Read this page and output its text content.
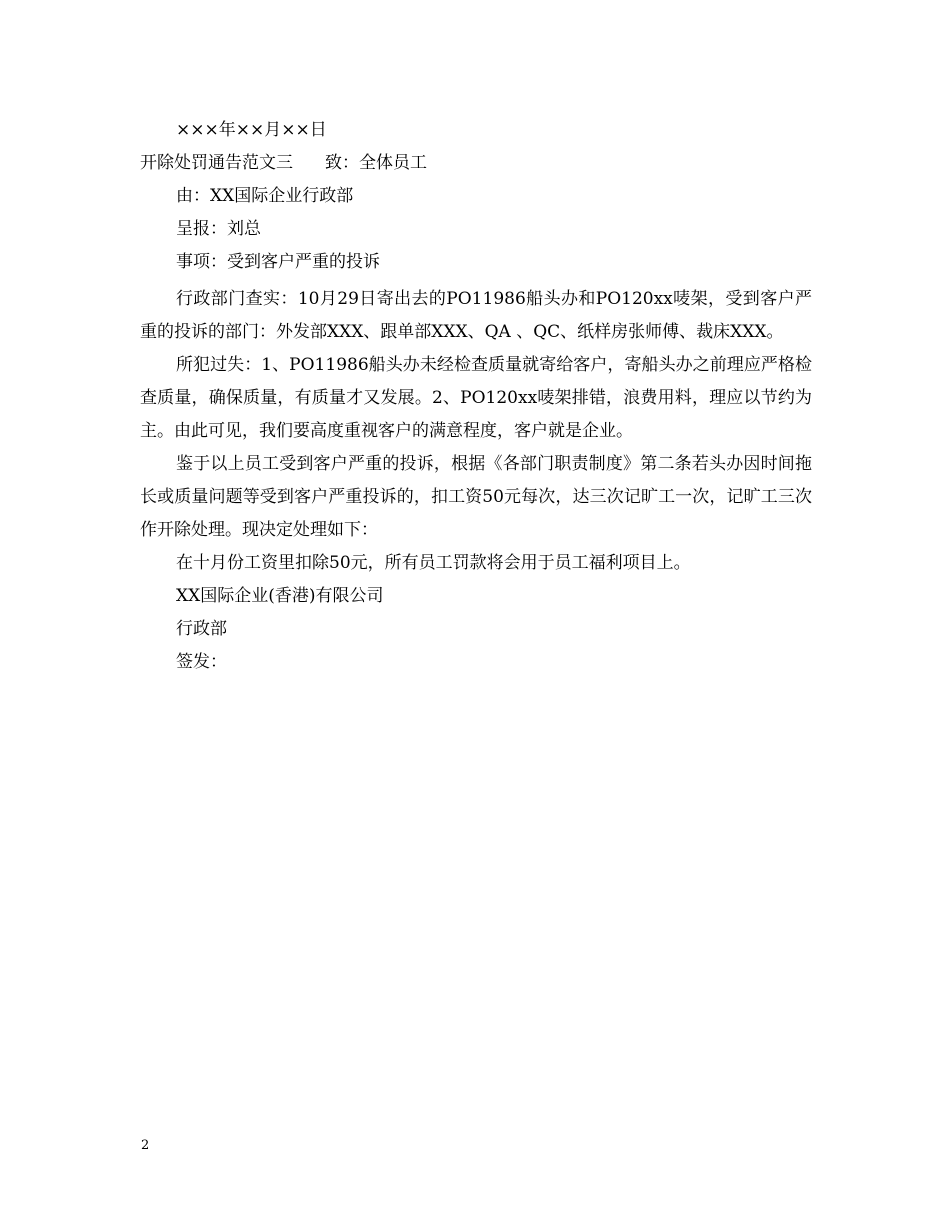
×××年××月××日
开除处罚通告范文三 致：全体员工
由：XX国际企业行政部
呈报：刘总
事项：受到客户严重的投诉
行政部门查实：10月29日寄出去的PO11986船头办和PO120xx唛架，受到客户严重的投诉的部门：外发部XXX、跟单部XXX、QA 、QC、纸样房张师傅、裁床XXX。
所犯过失：1、PO11986船头办未经检查质量就寄给客户，寄船头办之前理应严格检查质量，确保质量，有质量才又发展。2、PO120xx唛架排错，浪费用料，理应以节约为主。由此可见，我们要高度重视客户的满意程度，客户就是企业。
鉴于以上员工受到客户严重的投诉，根据《各部门职责制度》第二条若头办因时间拖长或质量问题等受到客户严重投诉的，扣工资50元每次，达三次记旷工一次，记旷工三次作开除处理。现决定处理如下：
在十月份工资里扣除50元，所有员工罚款将会用于员工福利项目上。
XX国际企业(香港)有限公司
行政部
签发：
2
